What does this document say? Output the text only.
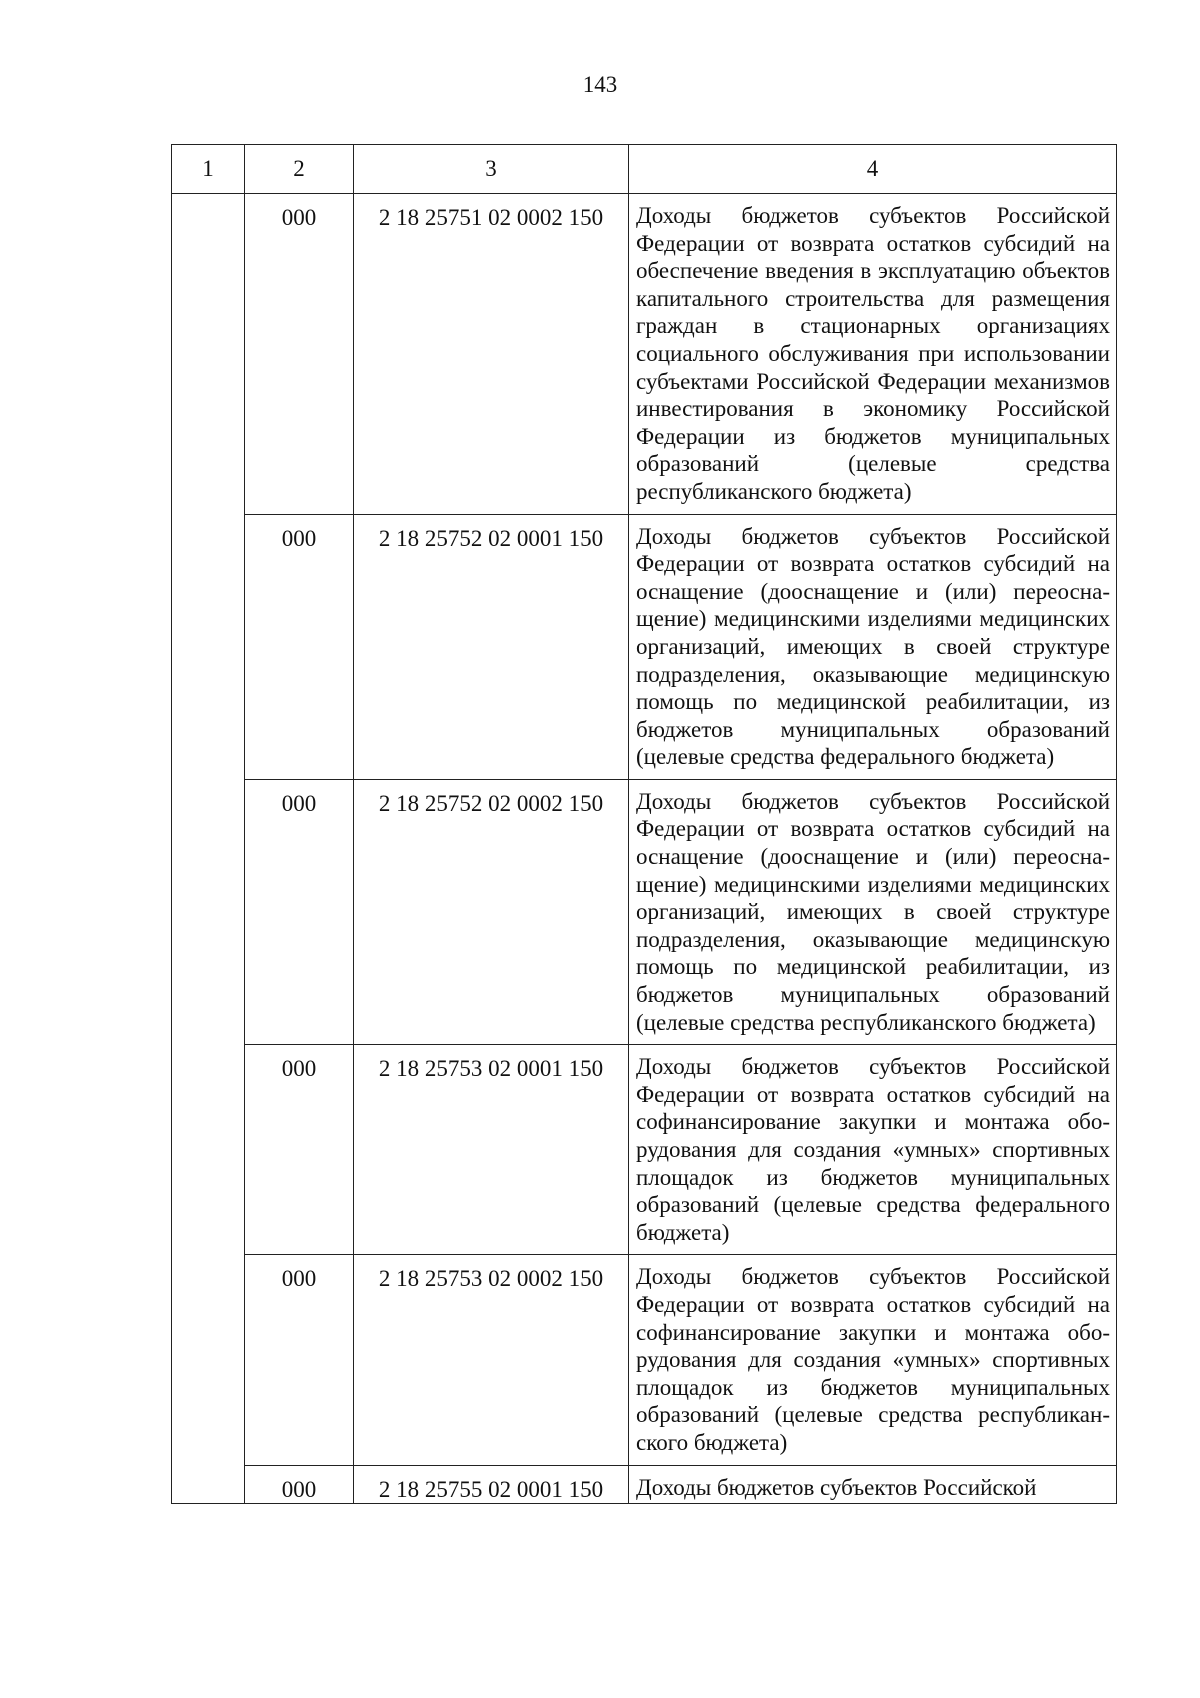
143
1	2	3	4
	000	2 18 25751 02 0002 150	Доходы бюджетов субъектов Российской Федерации от возврата остатков субсидий на обеспечение введения в эксплуатацию объектов капитального строительства для размещения граждан в стационарных организациях социального обслуживания при использовании субъектами Российской Федерации механизмов инвестирования в экономику Российской Федерации из бюджетов муниципальных образований (целевые средства республиканского бюджета)
	000	2 18 25752 02 0001 150	Доходы бюджетов субъектов Российской Федерации от возврата остатков субсидий на оснащение (дооснащение и (или) переоснащение) медицинскими изделиями медицинских организаций, имеющих в своей структуре подразделения, оказывающие медицинскую помощь по медицинской реабилитации, из бюджетов муниципальных образований (целевые средства федерального бюджета)
	000	2 18 25752 02 0002 150	Доходы бюджетов субъектов Российской Федерации от возврата остатков субсидий на оснащение (дооснащение и (или) переоснащение) медицинскими изделиями медицинских организаций, имеющих в своей структуре подразделения, оказывающие медицинскую помощь по медицинской реабилитации, из бюджетов муниципальных образований (целевые средства республиканского бюджета)
	000	2 18 25753 02 0001 150	Доходы бюджетов субъектов Российской Федерации от возврата остатков субсидий на софинансирование закупки и монтажа оборудования для создания «умных» спортивных площадок из бюджетов муниципальных образований (целевые средства федерального бюджета)
	000	2 18 25753 02 0002 150	Доходы бюджетов субъектов Российской Федерации от возврата остатков субсидий на софинансирование закупки и монтажа оборудования для создания «умных» спортивных площадок из бюджетов муниципальных образований (целевые средства республиканского бюджета)
	000	2 18 25755 02 0001 150	Доходы бюджетов субъектов Российской
